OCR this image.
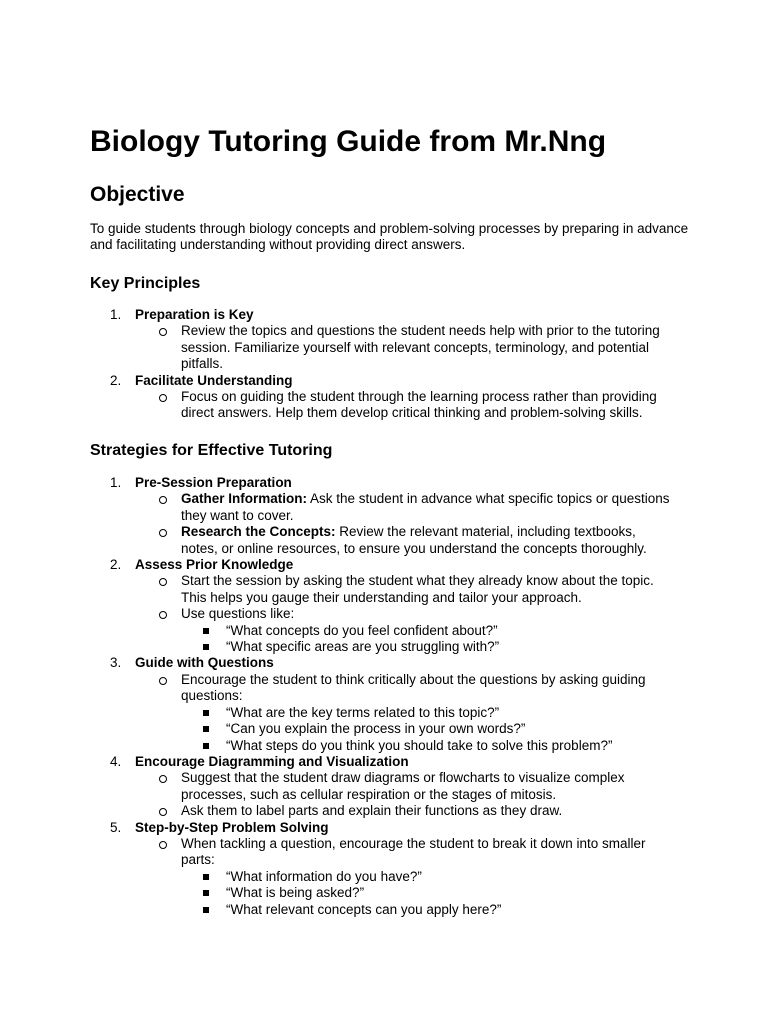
Biology Tutoring Guide from Mr.Nng
Objective

To guide students through biology concepts and problem-solving processes by preparing in advance and facilitating understanding without providing direct answers.

Key Principles
1. Preparation is Key
Review the topics and questions the student needs help with prior to the tutoring session. Familiarize yourself with relevant concepts, terminology, and potential pitfalls.
2. Facilitate Understanding
Focus on guiding the student through the learning process rather than providing direct answers. Help them develop critical thinking and problem-solving skills.
Strategies for Effective Tutoring
1. Pre-Session Preparation
Gather Information: Ask the student in advance what specific topics or questions they want to cover.
Research the Concepts: Review the relevant material, including textbooks, notes, or online resources, to ensure you understand the concepts thoroughly.
2. Assess Prior Knowledge
Start the session by asking the student what they already know about the topic. This helps you gauge their understanding and tailor your approach.
Use questions like:
“What concepts do you feel confident about?”
“What specific areas are you struggling with?”
3. Guide with Questions
Encourage the student to think critically about the questions by asking guiding questions:
“What are the key terms related to this topic?”
“Can you explain the process in your own words?”
“What steps do you think you should take to solve this problem?”
4. Encourage Diagramming and Visualization
Suggest that the student draw diagrams or flowcharts to visualize complex processes, such as cellular respiration or the stages of mitosis.
Ask them to label parts and explain their functions as they draw.
5. Step-by-Step Problem Solving
When tackling a question, encourage the student to break it down into smaller parts:
“What information do you have?”
“What is being asked?”
“What relevant concepts can you apply here?”
